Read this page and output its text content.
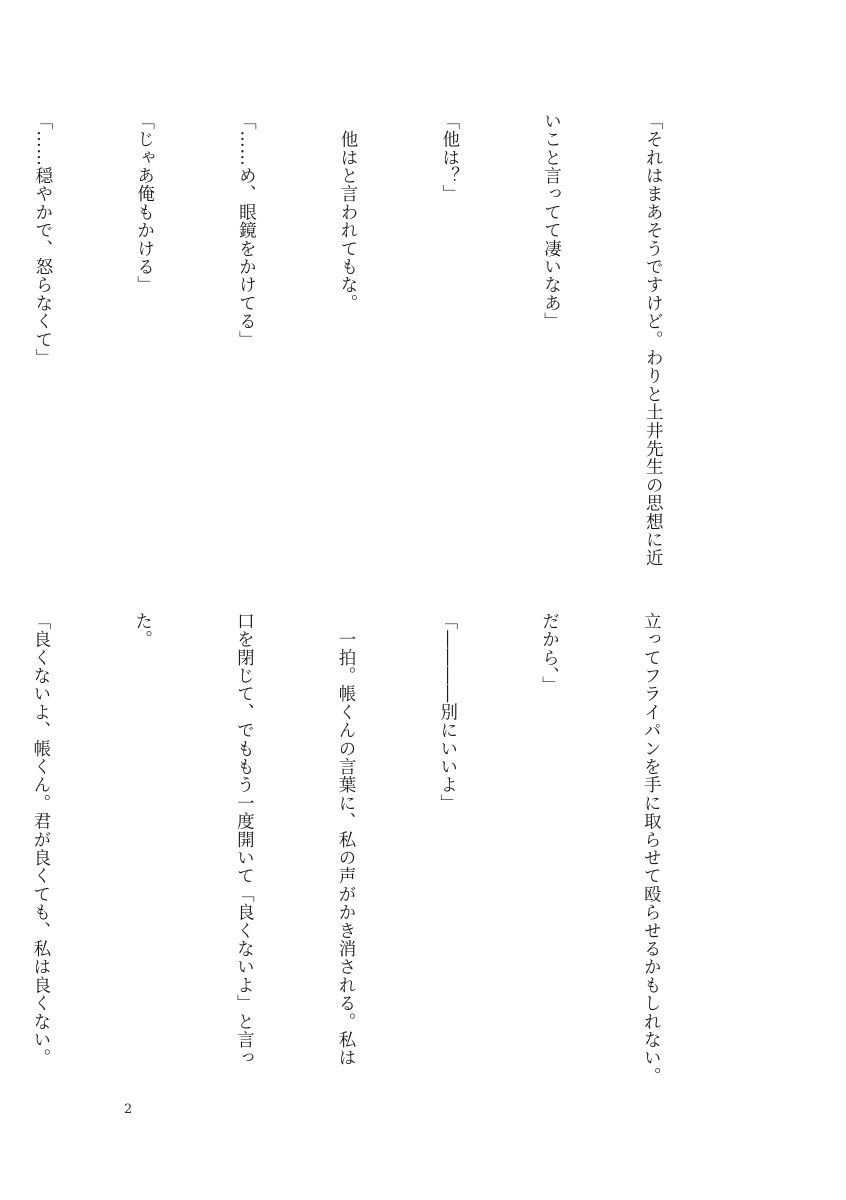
「それはまあそうですけど。わりと土井先生の思想に近

いこと言ってて凄いなあ」

「他は？」

　他はと言われてもな。

「……め、眼鏡をかけてる」

「じゃあ俺もかける」

「……穏やかで、怒らなくて」

立ってフライパンを手に取らせて殴らせるかもしれない。

だから、」

「――――別にいいよ」

　一拍。帳くんの言葉に、私の声がかき消される。私は

口を閉じて、でももう一度開いて「良くないよ」と言っ

た。

「良くないよ、帳くん。君が良くても、私は良くない。

2
